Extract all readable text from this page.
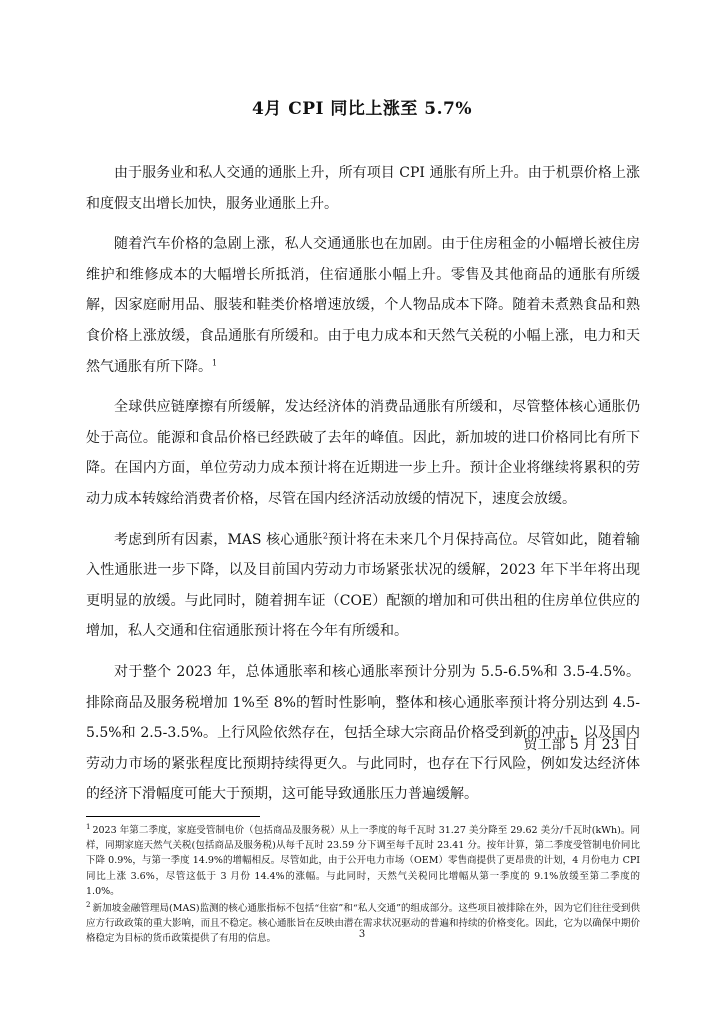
4月 CPI 同比上涨至 5.7%

由于服务业和私人交通的通胀上升，所有项目 CPI 通胀有所上升。由于机票价格上涨和度假支出增长加快，服务业通胀上升。

随着汽车价格的急剧上涨，私人交通通胀也在加剧。由于住房租金的小幅增长被住房维护和维修成本的大幅增长所抵消，住宿通胀小幅上升。零售及其他商品的通胀有所缓解，因家庭耐用品、服装和鞋类价格增速放缓，个人物品成本下降。随着未煮熟食品和熟食价格上涨放缓，食品通胀有所缓和。由于电力成本和天然气关税的小幅上涨，电力和天然气通胀有所下降。$^1$

全球供应链摩擦有所缓解，发达经济体的消费品通胀有所缓和，尽管整体核心通胀仍处于高位。能源和食品价格已经跌破了去年的峰值。因此，新加坡的进口价格同比有所下降。在国内方面，单位劳动力成本预计将在近期进一步上升。预计企业将继续将累积的劳动力成本转嫁给消费者价格，尽管在国内经济活动放缓的情况下，速度会放缓。

考虑到所有因素，MAS 核心通胀$^2$预计将在未来几个月保持高位。尽管如此，随着输入性通胀进一步下降，以及目前国内劳动力市场紧张状况的缓解，2023 年下半年将出现更明显的放缓。与此同时，随着拥车证（COE）配额的增加和可供出租的住房单位供应的增加，私人交通和住宿通胀预计将在今年有所缓和。

对于整个 2023 年，总体通胀率和核心通胀率预计分别为 5.5-6.5%和 3.5-4.5%。排除商品及服务税增加 1%至 8%的暂时性影响，整体和核心通胀率预计将分别达到 4.5-5.5%和 2.5-3.5%。上行风险依然存在，包括全球大宗商品价格受到新的冲击，以及国内劳动力市场的紧张程度比预期持续得更久。与此同时，也存在下行风险，例如发达经济体的经济下滑幅度可能大于预期，这可能导致通胀压力普遍缓解。

贸工部 5 月 23 日

$^1$ 2023 年第二季度，家庭受管制电价（包括商品及服务税）从上一季度的每千瓦时 31.27 美分降至 29.62 美分/千瓦时(kWh)。同样，同期家庭天然气关税(包括商品及服务税)从每千瓦时 23.59 分下调至每千瓦时 23.41 分。按年计算，第二季度受管制电价同比下降 0.9%，与第一季度 14.9%的增幅相反。尽管如此，由于公开电力市场（OEM）零售商提供了更昂贵的计划，4 月份电力 CPI 同比上涨 3.6%，尽管这低于 3 月份 14.4%的涨幅。与此同时，天然气关税同比增幅从第一季度的 9.1%放缓至第二季度的 1.0%。

$^2$ 新加坡金融管理局(MAS)监测的核心通胀指标不包括“住宿”和“私人交通”的组成部分。这些项目被排除在外，因为它们往往受到供应方行政政策的重大影响，而且不稳定。核心通胀旨在反映由潜在需求状况驱动的普遍和持续的价格变化。因此，它为以确保中期价格稳定为目标的货币政策提供了有用的信息。	3
